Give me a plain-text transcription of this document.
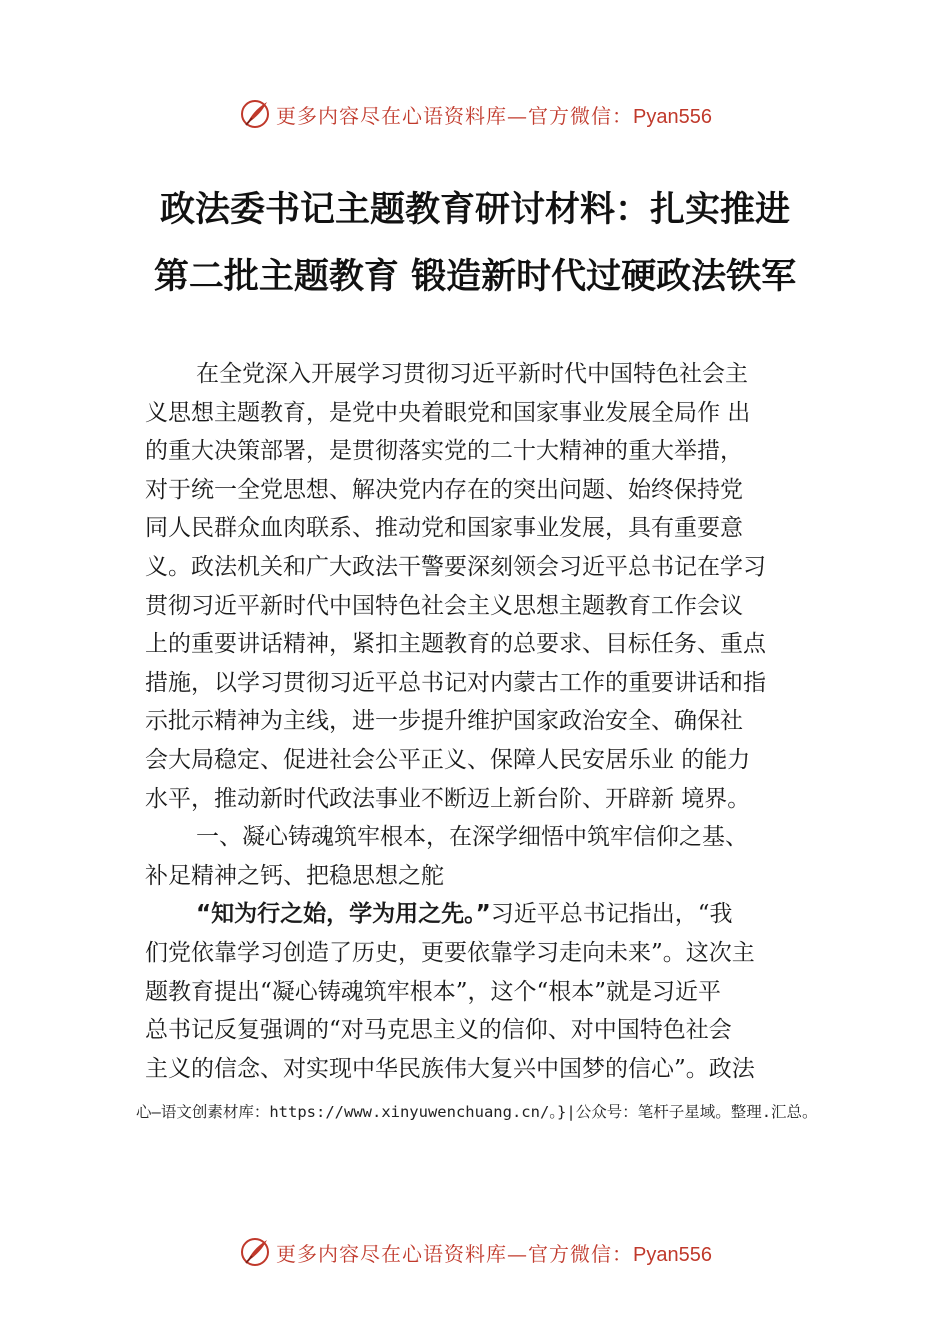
更多内容尽在心语资料库—官方微信：Pyan556
政法委书记主题教育研讨材料：扎实推进
第二批主题教育 锻造新时代过硬政法铁军
在全党深入开展学习贯彻习近平新时代中国特色社会主
义思想主题教育，是党中央着眼党和国家事业发展全局作 出
的重大决策部署，是贯彻落实党的二十大精神的重大举措，
对于统一全党思想、解决党内存在的突出问题、始终保持党
同人民群众血肉联系、推动党和国家事业发展，具有重要意
义。政法机关和广大政法干警要深刻领会习近平总书记在学习
贯彻习近平新时代中国特色社会主义思想主题教育工作会议
上的重要讲话精神，紧扣主题教育的总要求、目标任务、重点
措施，以学习贯彻习近平总书记对内蒙古工作的重要讲话和指
示批示精神为主线，进一步提升维护国家政治安全、确保社
会大局稳定、促进社会公平正义、保障人民安居乐业 的能力
水平，推动新时代政法事业不断迈上新台阶、开辟新 境界。
一、凝心铸魂筑牢根本，在深学细悟中筑牢信仰之基、
补足精神之钙、把稳思想之舵
“知为行之始，学为用之先。”习近平总书记指出，“我
们党依靠学习创造了历史，更要依靠学习走向未来”。这次主
题教育提出“凝心铸魂筑牢根本”，这个“根本”就是习近平
总书记反复强调的“对马克思主义的信仰、对中国特色社会
主义的信念、对实现中华民族伟大复兴中国梦的信心”。政法
心—语文创素材库：https://www.xinyuwenchuang.cn/。}|公众号：笔杆子星域。整理.汇总。
更多内容尽在心语资料库—官方微信：Pyan556
